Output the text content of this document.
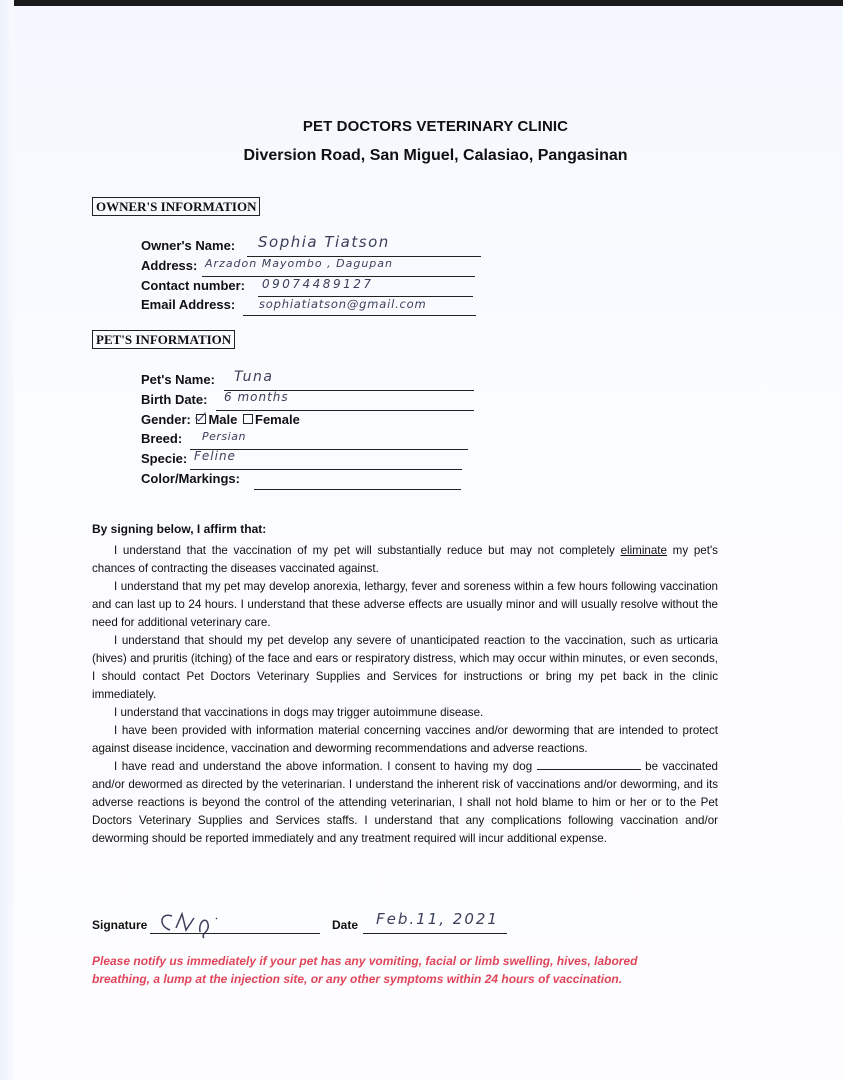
PET DOCTORS VETERINARY CLINIC
Diversion Road, San Miguel, Calasiao, Pangasinan
OWNER'S INFORMATION
Owner's Name: Sophia Tiatson
Address: Arzadon Mayombo , Dagupan
Contact number: 09074489127
Email Address: sophiatiatson@gmail.com
PET'S INFORMATION
Pet's Name: Tuna
Birth Date: 6 months
Gender: Male Female
Breed: Persian
Specie: Feline
Color/Markings:
By signing below, I affirm that:

I understand that the vaccination of my pet will substantially reduce but may not completely eliminate my pet's chances of contracting the diseases vaccinated against.

I understand that my pet may develop anorexia, lethargy, fever and soreness within a few hours following vaccination and can last up to 24 hours. I understand that these adverse effects are usually minor and will usually resolve without the need for additional veterinary care.

I understand that should my pet develop any severe of unanticipated reaction to the vaccination, such as urticaria (hives) and pruritis (itching) of the face and ears or respiratory distress, which may occur within minutes, or even seconds, I should contact Pet Doctors Veterinary Supplies and Services for instructions or bring my pet back in the clinic immediately.

I understand that vaccinations in dogs may trigger autoimmune disease.

I have been provided with information material concerning vaccines and/or deworming that are intended to protect against disease incidence, vaccination and deworming recommendations and adverse reactions.

I have read and understand the above information. I consent to having my dog	be vaccinated and/or dewormed as directed by the veterinarian. I understand the inherent risk of vaccinations and/or deworming, and its adverse reactions is beyond the control of the attending veterinarian, I shall not hold blame to him or her or to the Pet Doctors Veterinary Supplies and Services staffs. I understand that any complications following vaccination and/or deworming should be reported immediately and any treatment required will incur additional expense.

Signature	Date Feb.11, 2021
Please notify us immediately if your pet has any vomiting, facial or limb swelling, hives, labored breathing, a lump at the injection site, or any other symptoms within 24 hours of vaccination.
